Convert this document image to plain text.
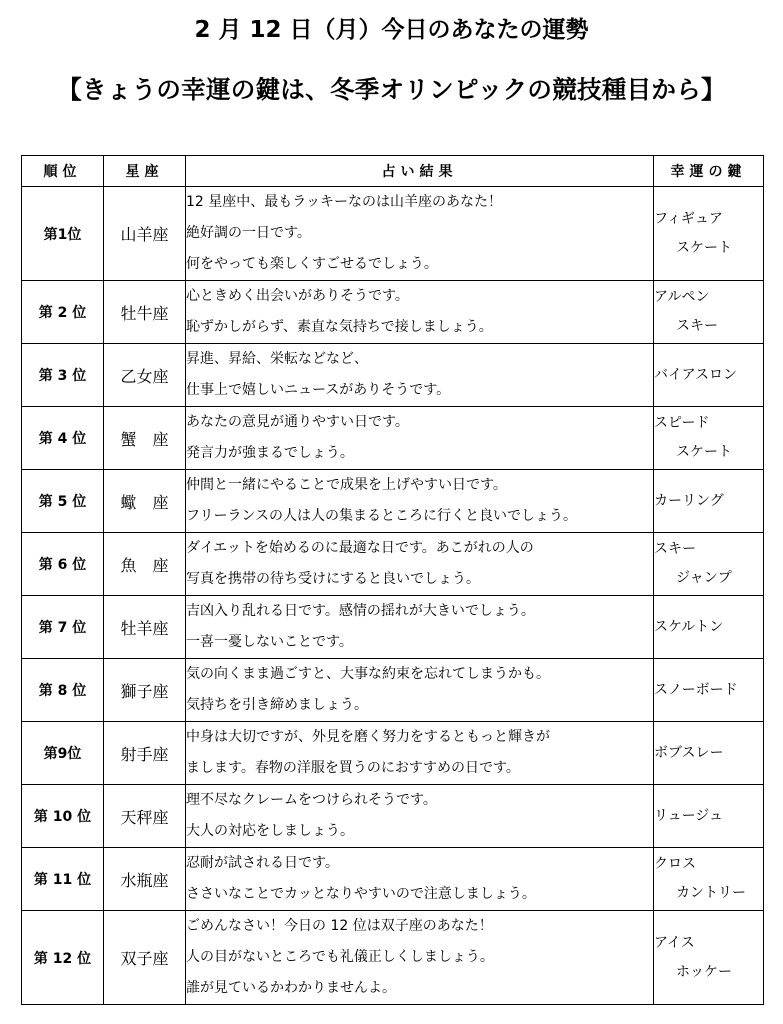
2 月 12 日（月）今日のあなたの運勢
【きょうの幸運の鍵は、冬季オリンピックの競技種目から】
順位	星座	占い結果	幸運の鍵
第1位	山羊座	12 星座中、最もラッキーなのは山羊座のあなた！
絶好調の一日です。
何をやっても楽しくすごせるでしょう。	フィギュア
スケート

第 2 位	牡牛座	心ときめく出会いがありそうです。
恥ずかしがらず、素直な気持ちで接しましょう。	アルペン
スキー

第 3 位	乙女座	昇進、昇給、栄転などなど、
仕事上で嬉しいニュースがありそうです。	バイアスロン

第 4 位	蟹　座	あなたの意見が通りやすい日です。
発言力が強まるでしょう。	スピード
スケート

第 5 位	蠍　座	仲間と一緒にやることで成果を上げやすい日です。
フリーランスの人は人の集まるところに行くと良いでしょう。	カーリング

第 6 位	魚　座	ダイエットを始めるのに最適な日です。あこがれの人の
写真を携帯の待ち受けにすると良いでしょう。	スキー
ジャンプ

第 7 位	牡羊座	吉凶入り乱れる日です。感情の揺れが大きいでしょう。
一喜一憂しないことです。	スケルトン

第 8 位	獅子座	気の向くまま過ごすと、大事な約束を忘れてしまうかも。
気持ちを引き締めましょう。	スノーボード

第9位	射手座	中身は大切ですが、外見を磨く努力をするともっと輝きが
まします。春物の洋服を買うのにおすすめの日です。	ボブスレー

第 10 位	天秤座	理不尽なクレームをつけられそうです。
大人の対応をしましょう。	リュージュ

第 11 位	水瓶座	忍耐が試される日です。
ささいなことでカッとなりやすいので注意しましょう。	クロス
カントリー

第 12 位	双子座	ごめんなさい！今日の 12 位は双子座のあなた！
人の目がないところでも礼儀正しくしましょう。
誰が見ているかわかりませんよ。	アイス
ホッケー
